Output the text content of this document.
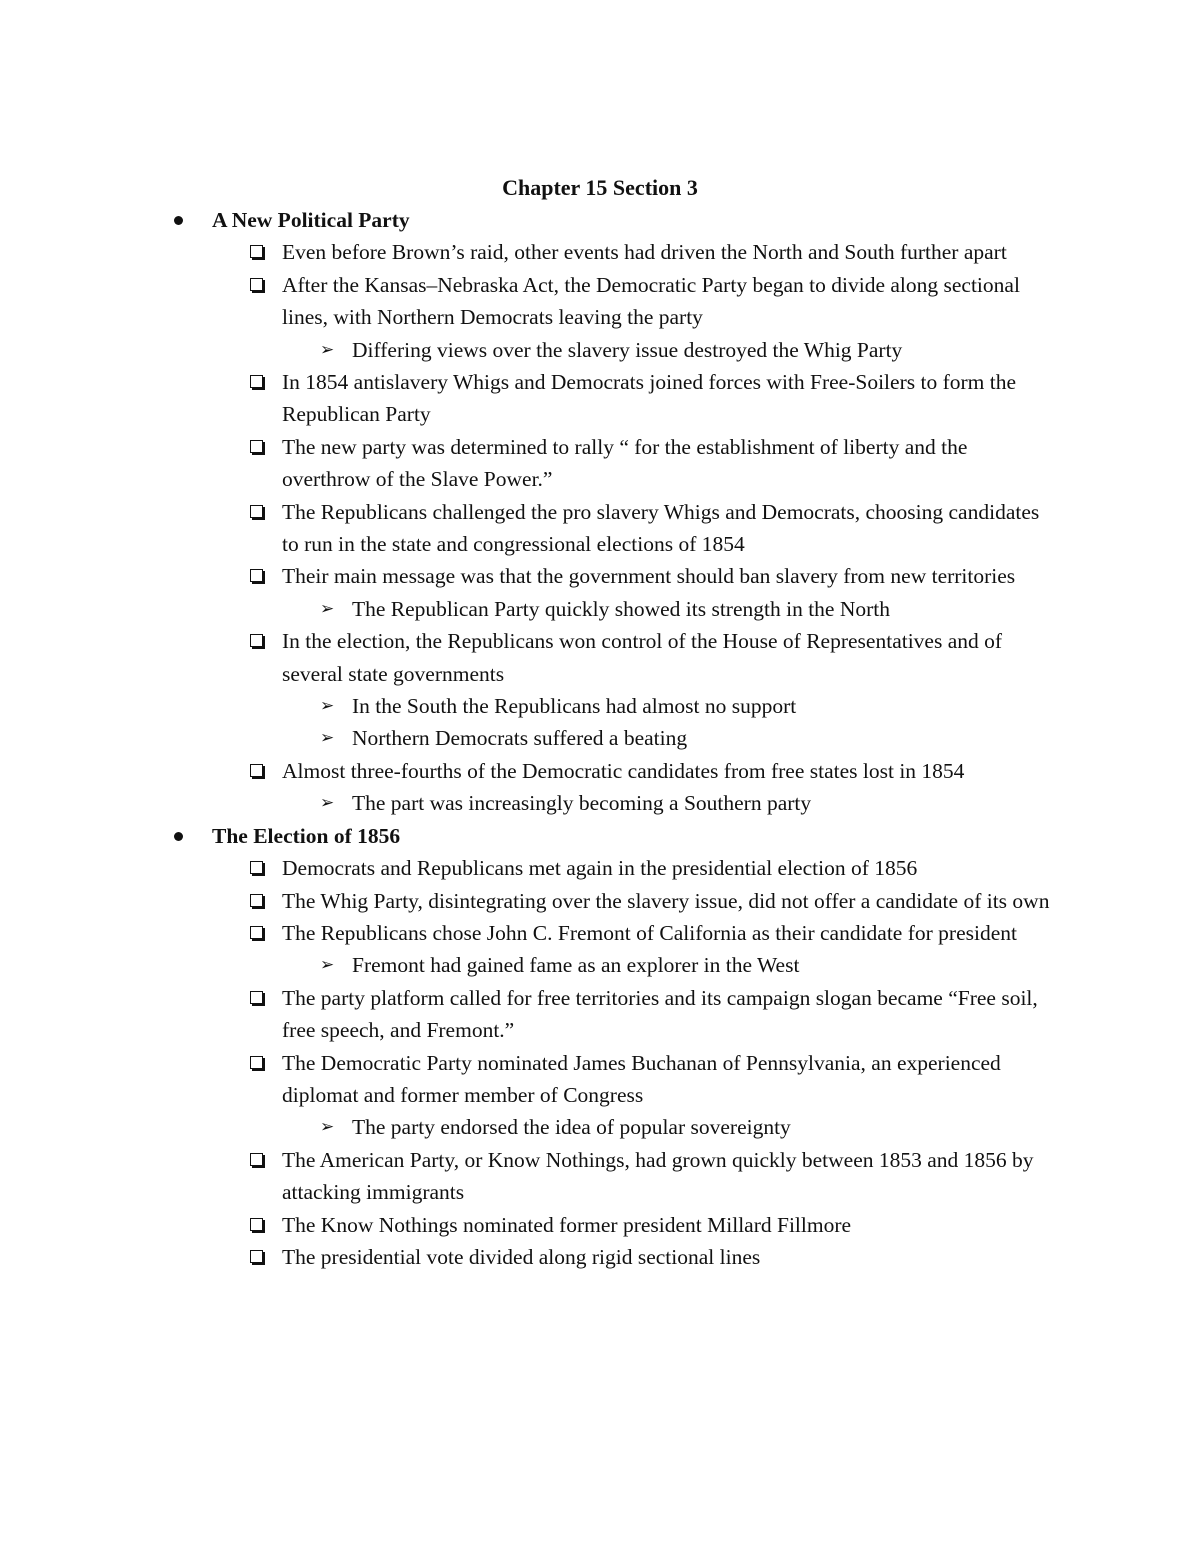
Chapter 15 Section 3
A New Political Party
Even before Brown’s raid, other events had driven the North and South further apart
After the Kansas–Nebraska Act, the Democratic Party began to divide along sectional lines, with Northern Democrats leaving the party
➢ Differing views over the slavery issue destroyed the Whig Party
In 1854 antislavery Whigs and Democrats joined forces with Free-Soilers to form the Republican Party
The new party was determined to rally “ for the establishment of liberty and the overthrow of the Slave Power.”
The Republicans challenged the pro slavery Whigs and Democrats, choosing candidates to run in the state and congressional elections of 1854
Their main message was that the government should ban slavery from new territories
➢ The Republican Party quickly showed its strength in the North
In the election, the Republicans won control of the House of Representatives and of several state governments
➢ In the South the Republicans had almost no support
➢ Northern Democrats suffered a beating
Almost three-fourths of the Democratic candidates from free states lost in 1854
➢ The part was increasingly becoming a Southern party
The Election of 1856
Democrats and Republicans met again in the presidential election of 1856
The Whig Party, disintegrating over the slavery issue, did not offer a candidate of its own
The Republicans chose John C. Fremont of California as their candidate for president
➢ Fremont had gained fame as an explorer in the West
The party platform called for free territories and its campaign slogan became “Free soil, free speech, and Fremont.”
The Democratic Party nominated James Buchanan of Pennsylvania, an experienced diplomat and former member of Congress
➢ The party endorsed the idea of popular sovereignty
The American Party, or Know Nothings, had grown quickly between 1853 and 1856 by attacking immigrants
The Know Nothings nominated former president Millard Fillmore
The presidential vote divided along rigid sectional lines
